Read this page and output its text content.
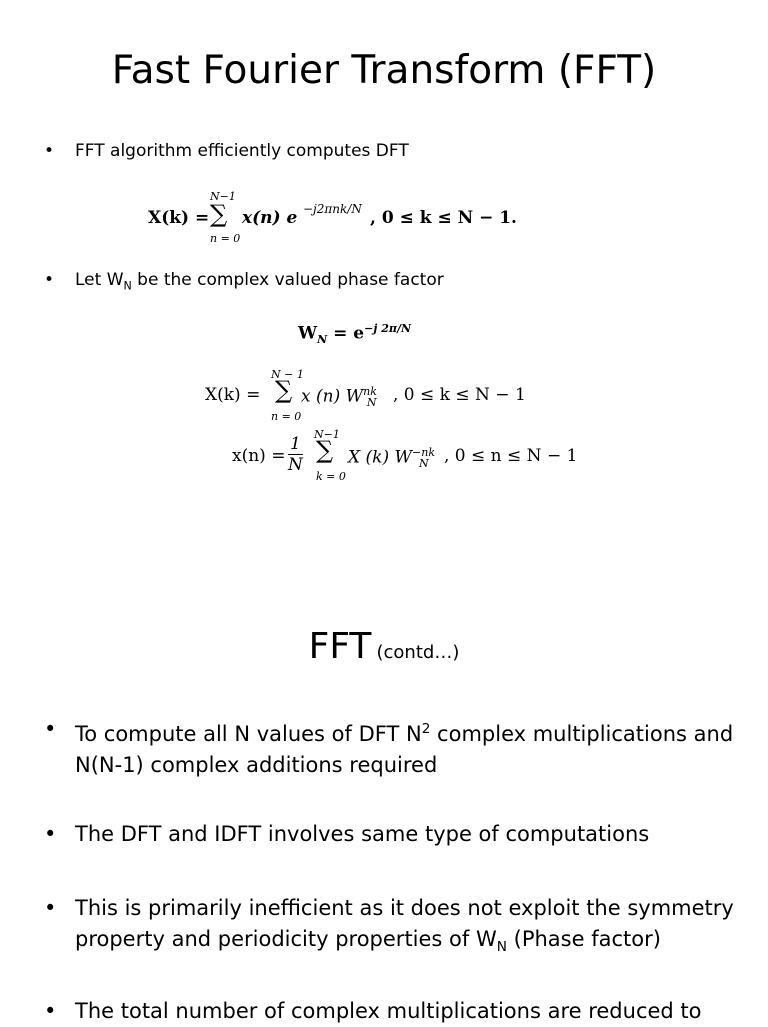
Fast Fourier Transform (FFT)
• FFT algorithm efficiently computes DFT
X(k) =
N−1
∑
n = 0
x(n) e −j2πnk/N , 0 ≤ k ≤ N − 1.
• Let $W_N$ be the complex valued phase factor
$W_N = e^{-j 2\pi/N}$
X(k) =
N − 1
∑
n = 0
x (n) $W^{nk}_N$ , 0 ≤ k ≤ N − 1
$x(n) = \frac{1}{N} N-1$
∑
k = 0
X (k) $W^{-nk}_N$ , 0 ≤ n ≤ N − 1
FFT (contd…)
• To compute all N values of DFT $N^2$ complex multiplications and
N(N-1) complex additions required
• The DFT and IDFT involves same type of computations
• This is primarily inefficient as it does not exploit the symmetry
property and periodicity properties of $W_N$ (Phase factor)
• The total number of complex multiplications are reduced to
